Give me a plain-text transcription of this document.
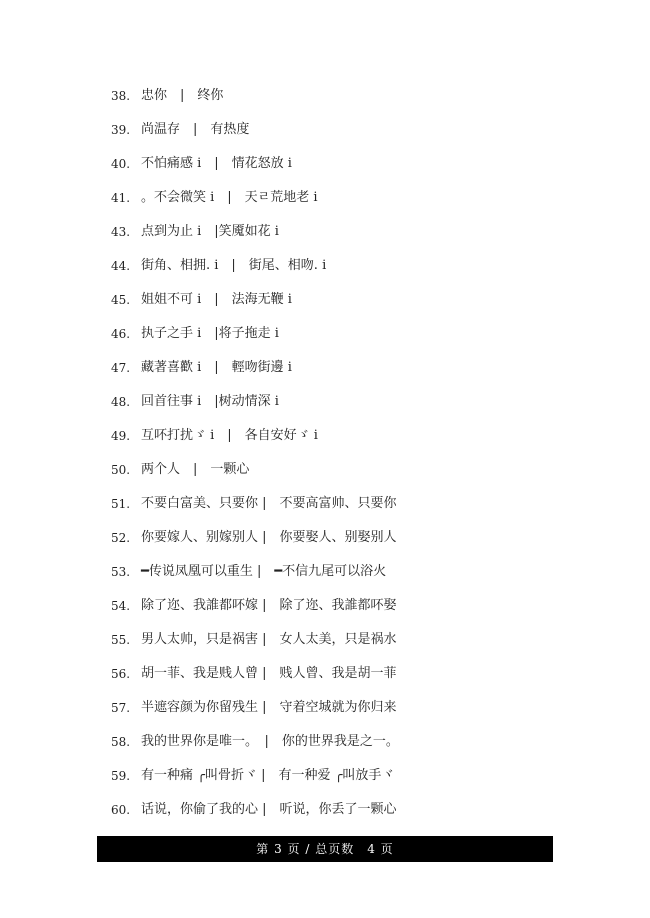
38. 忠你　|　终你
39. 尚温存　|　有热度
40. 不怕痛感 i　|　情花怒放 i
41. 。不会微笑 i　|　天ㄹ荒地老 i
43. 点到为止 i　|笑魇如花 i
44. 街角、相拥. i　|　街尾、相吻. i
45. 姐姐不可 i　|　法海无鞭 i
46. 执子之手 i　|将子拖走 i
47. 藏著喜歡 i　|　輕吻街邊 i
48. 回首往事 i　|树动情深 i
49. 互吥打扰ゞ i　|　各自安好ゞ i
50. 两个人　|　一颗心
51. 不要白富美、只要你 |　不要高富帅、只要你
52. 你要嫁人、别嫁别人 |　你要娶人、别娶别人
53. ━传说凤凰可以重生 |　━不信九尾可以浴火
54. 除了迩、我誰都吥嫁 |　除了迩、我誰都吥娶
55. 男人太帅，只是祸害 |　女人太美，只是祸水
56. 胡一菲、我是贱人曾 |　贱人曾、我是胡一菲
57. 半遮容颜为你留残生 |　守着空城就为你归来
58. 我的世界你是唯一。　|　你的世界我是之一。
59. 有一种痛 ╭叫骨折ヾ |　有一种爱 ╭叫放手ヾ
60. 话说，你偷了我的心 |　听说，你丢了一颗心
第 3 页 / 总页数　4 页
